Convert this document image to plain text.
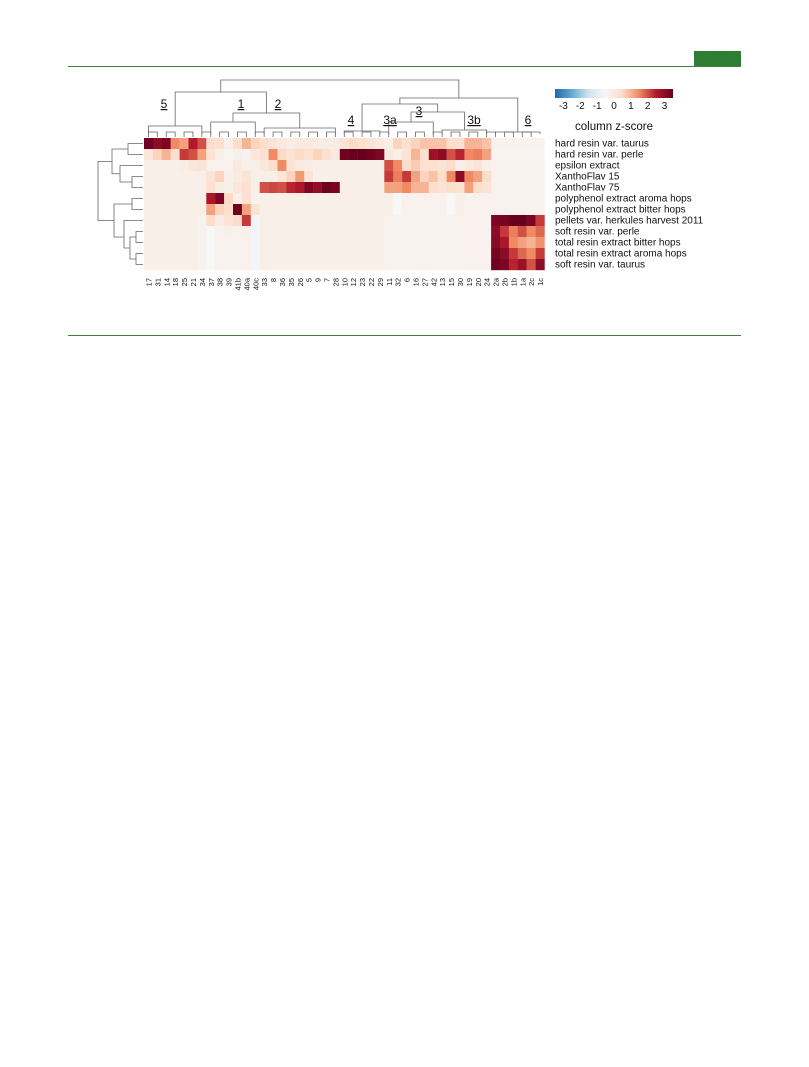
hard resin var. taurus
hard resin var. perle
epsilon extract
XanthoFlav 15
XanthoFlav 75
polyphenol extract aroma hops
polyphenol extract bitter hops
pellets var. herkules harvest 2011
soft resin var. perle
total resin extract bitter hops
total resin extract aroma hops
soft resin var. taurus
17 31 14 18 25 21 34 37 38 39 41b 40a 40c 33 8 36 35 26 5 9 7 28 10 12 23 22 29 11 32 6 16 27 42 13 15 30 19 20 24 2a 2b 1b 1a 2c 1c
5	1	2
4 3a
3
3b	6
-3 -2 -1 0 1 2 3
column z-score
